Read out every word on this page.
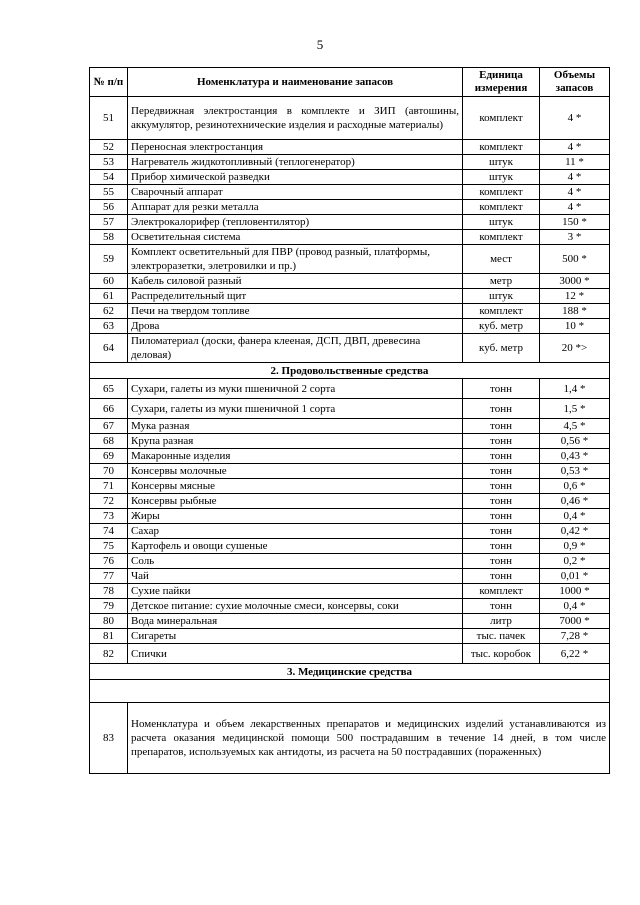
5
№ п/п	Номенклатура и наименование запасов	Единица измерения	Объемы запасов
51	Передвижная электростанция в комплекте и ЗИП (автошины, аккумулятор, резинотехнические изделия и расходные материалы)	комплект	4 *
52	Переносная электростанция	комплект	4 *
53	Нагреватель жидкотопливный (теплогенератор)	штук	11 *
54	Прибор химической разведки	штук	4 *
55	Сварочный аппарат	комплект	4 *
56	Аппарат для резки металла	комплект	4 *
57	Электрокалорифер (тепловентилятор)	штук	150 *
58	Осветительная система	комплект	3 *
59	Комплект осветительный для ПВР (провод разный, платформы, электроразетки, элетровилки и пр.)	мест	500 *
60	Кабель силовой разный	метр	3000 *
61	Распределительный щит	штук	12 *
62	Печи на твердом топливе	комплект	188 *
63	Дрова	куб. метр	10 *
64	Пиломатериал (доски, фанера клееная, ДСП, ДВП, древесина деловая)	куб. метр	20 *>
2. Продовольственные средства			
65	Сухари, галеты из муки пшеничной 2 сорта	тонн	1,4 *
66	Сухари, галеты из муки пшеничной 1 сорта	тонн	1,5 *
67	Мука разная	тонн	4,5 *
68	Крупа разная	тонн	0,56 *
69	Макаронные изделия	тонн	0,43 *
70	Консервы молочные	тонн	0,53 *
71	Консервы мясные	тонн	0,6 *
72	Консервы рыбные	тонн	0,46 *
73	Жиры	тонн	0,4 *
74	Сахар	тонн	0,42 *
75	Картофель и овощи сушеные	тонн	0,9 *
76	Соль	тонн	0,2 *
77	Чай	тонн	0,01 *
78	Сухие пайки	комплект	1000 *
79	Детское питание: сухие молочные смеси, консервы, соки	тонн	0,4 *
80	Вода минеральная	литр	7000 *
81	Сигареты	тыс. пачек	7,28 *
82	Спички	тыс. коробок	6,22 *
3. Медицинские средства			

83	Номенклатура и объем лекарственных препаратов и медицинских изделий устанавливаются из расчета оказания медицинской помощи 500 пострадавшим в течение 14 дней, в том числе препаратов, используемых как антидоты, из расчета на 50 пострадавших (пораженных)		
